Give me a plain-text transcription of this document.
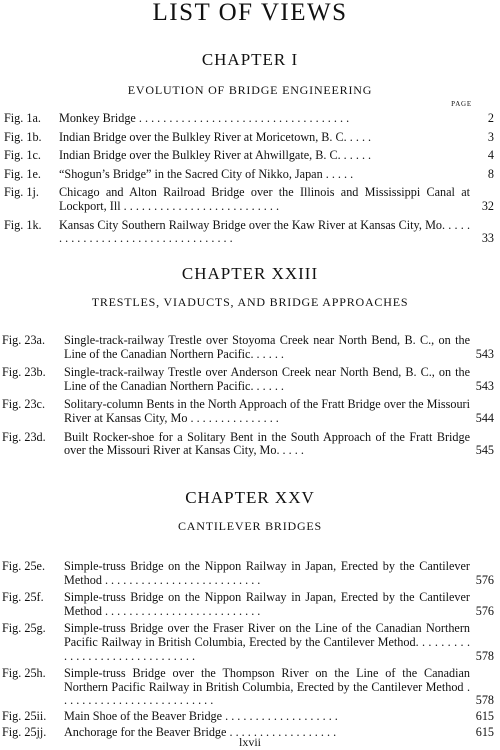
LIST OF VIEWS
CHAPTER I
EVOLUTION OF BRIDGE ENGINEERING
PAGE
Fig. 1a. Monkey Bridge . . . . . . . . . . . . . . . . . . . . . . . . . . . . . . . . . . .	2
Fig. 1b. Indian Bridge over the Bulkley River at Moricetown, B. C. . . . .	3
Fig. 1c. Indian Bridge over the Bulkley River at Ahwillgate, B. C. . . . . .	4
Fig. 1e. “Shogun’s Bridge” in the Sacred City of Nikko, Japan . . . . .	8
Fig. 1j. Chicago and Alton Railroad Bridge over the Illinois and Mississippi Canal at Lockport, Ill . . . . . . . . . . . . . . . . . . . . . . . . . .	32
Fig. 1k. Kansas City Southern Railway Bridge over the Kaw River at Kansas City, Mo. . . . . . . . . . . . . . . . . . . . . . . . . . . . . . . . . .	33
CHAPTER XXIII
TRESTLES, VIADUCTS, AND BRIDGE APPROACHES
Fig. 23a. Single-track-railway Trestle over Stoyoma Creek near North Bend, B. C., on the Line of the Canadian Northern Pacific. . . . . .	543
Fig. 23b. Single-track-railway Trestle over Anderson Creek near North Bend, B. C., on the Line of the Canadian Northern Pacific. . . . . .	543
Fig. 23c. Solitary-column Bents in the North Approach of the Fratt Bridge over the Missouri River at Kansas City, Mo . . . . . . . . . . . . . . .	544
Fig. 23d. Built Rocker-shoe for a Solitary Bent in the South Approach of the Fratt Bridge over the Missouri River at Kansas City, Mo. . . . .	545
CHAPTER XXV
CANTILEVER BRIDGES
Fig. 25e. Simple-truss Bridge on the Nippon Railway in Japan, Erected by the Cantilever Method . . . . . . . . . . . . . . . . . . . . . . . . . .	576
Fig. 25f. Simple-truss Bridge on the Nippon Railway in Japan, Erected by the Cantilever Method . . . . . . . . . . . . . . . . . . . . . . . . . .	576
Fig. 25g. Simple-truss Bridge over the Fraser River on the Line of the Canadian Northern Pacific Railway in British Columbia, Erected by the Cantilever Method. . . . . . . . . . . . . . . . . . . . . . . . . . . . . . .	578
Fig. 25h. Simple-truss Bridge over the Thompson River on the Line of the Canadian Northern Pacific Railway in British Columbia, Erected by the Cantilever Method . . . . . . . . . . . . . . . . . . . . . . . . . .	578
Fig. 25ii. Main Shoe of the Beaver Bridge . . . . . . . . . . . . . . . . . . .	615
Fig. 25jj. Anchorage for the Beaver Bridge . . . . . . . . . . . . . . . . . .	615
lxvii
